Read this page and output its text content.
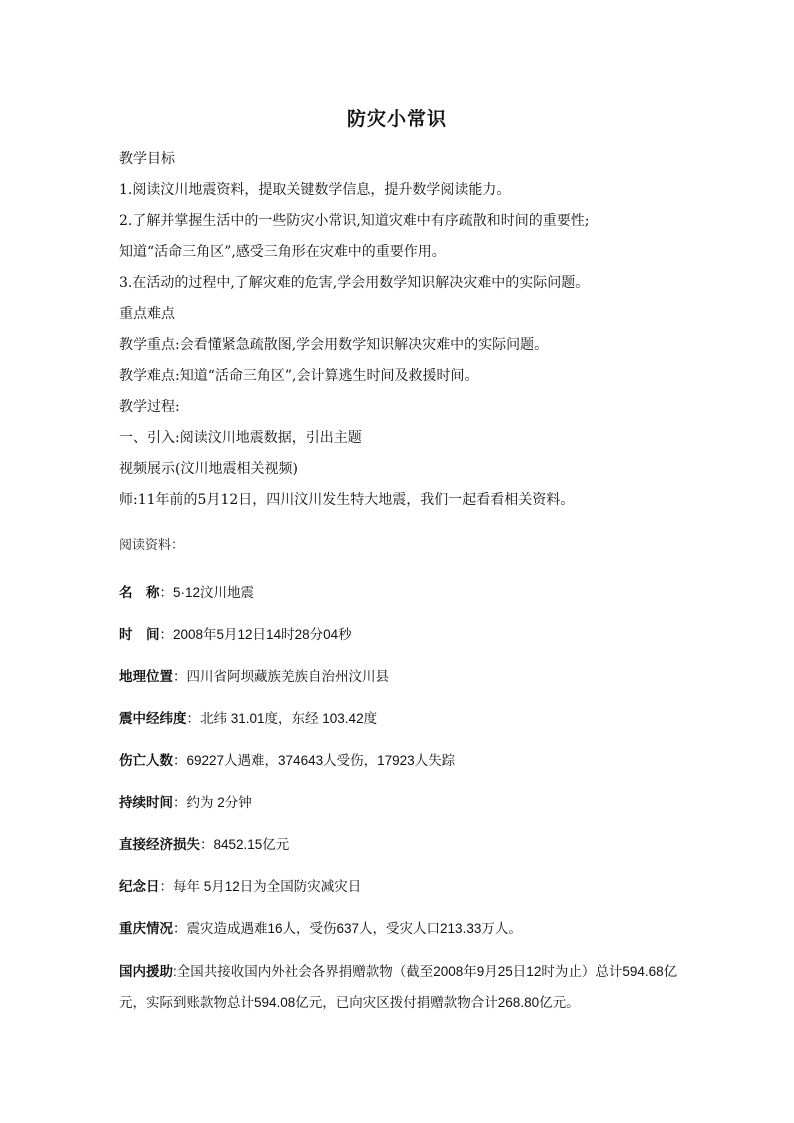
防灾小常识
教学目标
1.阅读汶川地震资料，提取关键数学信息，提升数学阅读能力。
2.了解并掌握生活中的一些防灾小常识,知道灾难中有序疏散和时间的重要性;
知道“活命三角区”,感受三角形在灾难中的重要作用。
3.在活动的过程中,了解灾难的危害,学会用数学知识解决灾难中的实际问题。
重点难点
教学重点:会看懂紧急疏散图,学会用数学知识解决灾难中的实际问题。
教学难点:知道“活命三角区”,会计算逃生时间及救援时间。
教学过程:
一、引入:阅读汶川地震数据，引出主题
视频展示(汶川地震相关视频)
师:11年前的5月12日，四川汶川发生特大地震，我们一起看看相关资料。
阅读资料：
名　称：5·12汶川地震
时　间：2008年5月12日14时28分04秒
地理位置：四川省阿坝藏族羌族自治州汶川县
震中经纬度：北纬 31.01度，东经 103.42度
伤亡人数：69227人遇难，374643人受伤，17923人失踪
持续时间：约为 2分钟
直接经济损失：8452.15亿元
纪念日：每年 5月12日为全国防灾减灾日
重庆情况：震灾造成遇难16人，受伤637人，受灾人口213.33万人。
国内援助:全国共接收国内外社会各界捐赠款物（截至2008年9月25日12时为止）总计594.68亿元，实际到账款物总计594.08亿元，已向灾区拨付捐赠款物合计268.80亿元。
